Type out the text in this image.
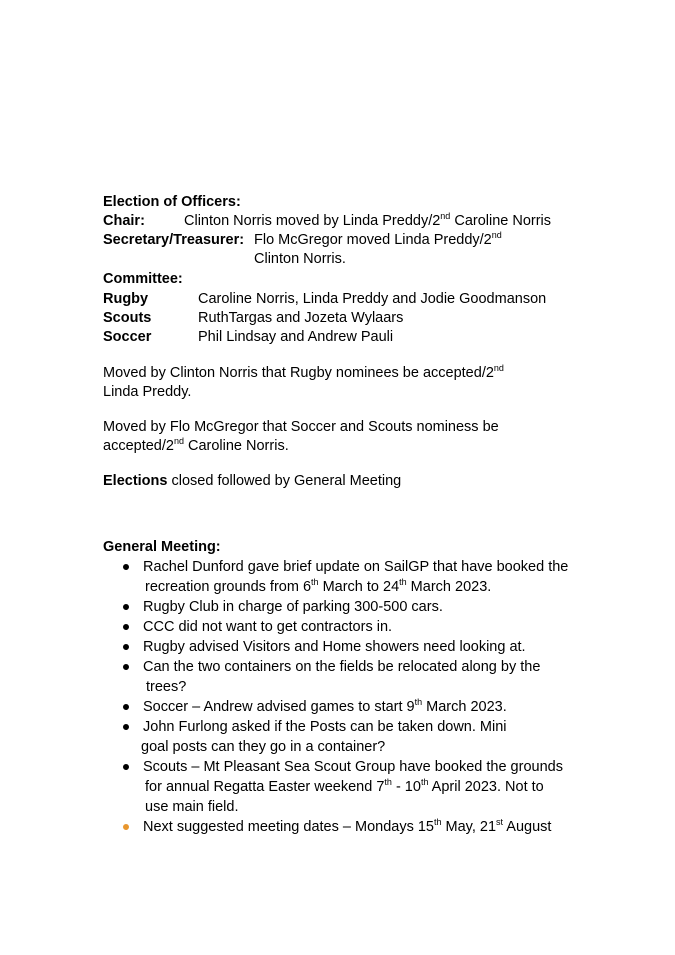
Election of Officers:
Chair:	Clinton Norris moved by Linda Preddy/2nd Caroline Norris
Secretary/Treasurer: Flo McGregor moved Linda Preddy/2nd
Clinton Norris.
Committee:
Rugby	Caroline Norris, Linda Preddy and Jodie Goodmanson
Scouts	RuthTargas and Jozeta Wylaars
Soccer	Phil Lindsay and Andrew Pauli
Moved by Clinton Norris that Rugby nominees be accepted/2nd
Linda Preddy.
Moved by Flo McGregor that Soccer and Scouts nominess be
accepted/2nd Caroline Norris.
Elections closed followed by General Meeting
General Meeting:
Rachel Dunford gave brief update on SailGP that have booked the
recreation grounds from 6th March to 24th March 2023.
Rugby Club in charge of parking 300-500 cars.
CCC did not want to get contractors in.
Rugby advised Visitors and Home showers need looking at.
Can the two containers on the fields be relocated along by the
trees?
Soccer – Andrew advised games to start 9th March 2023.
John Furlong asked if the Posts can be taken down. Mini
goal posts can they go in a container?
Scouts – Mt Pleasant Sea Scout Group have booked the grounds
for annual Regatta Easter weekend 7th - 10th April 2023. Not to
use main field.
Next suggested meeting dates – Mondays 15th May, 21st August
